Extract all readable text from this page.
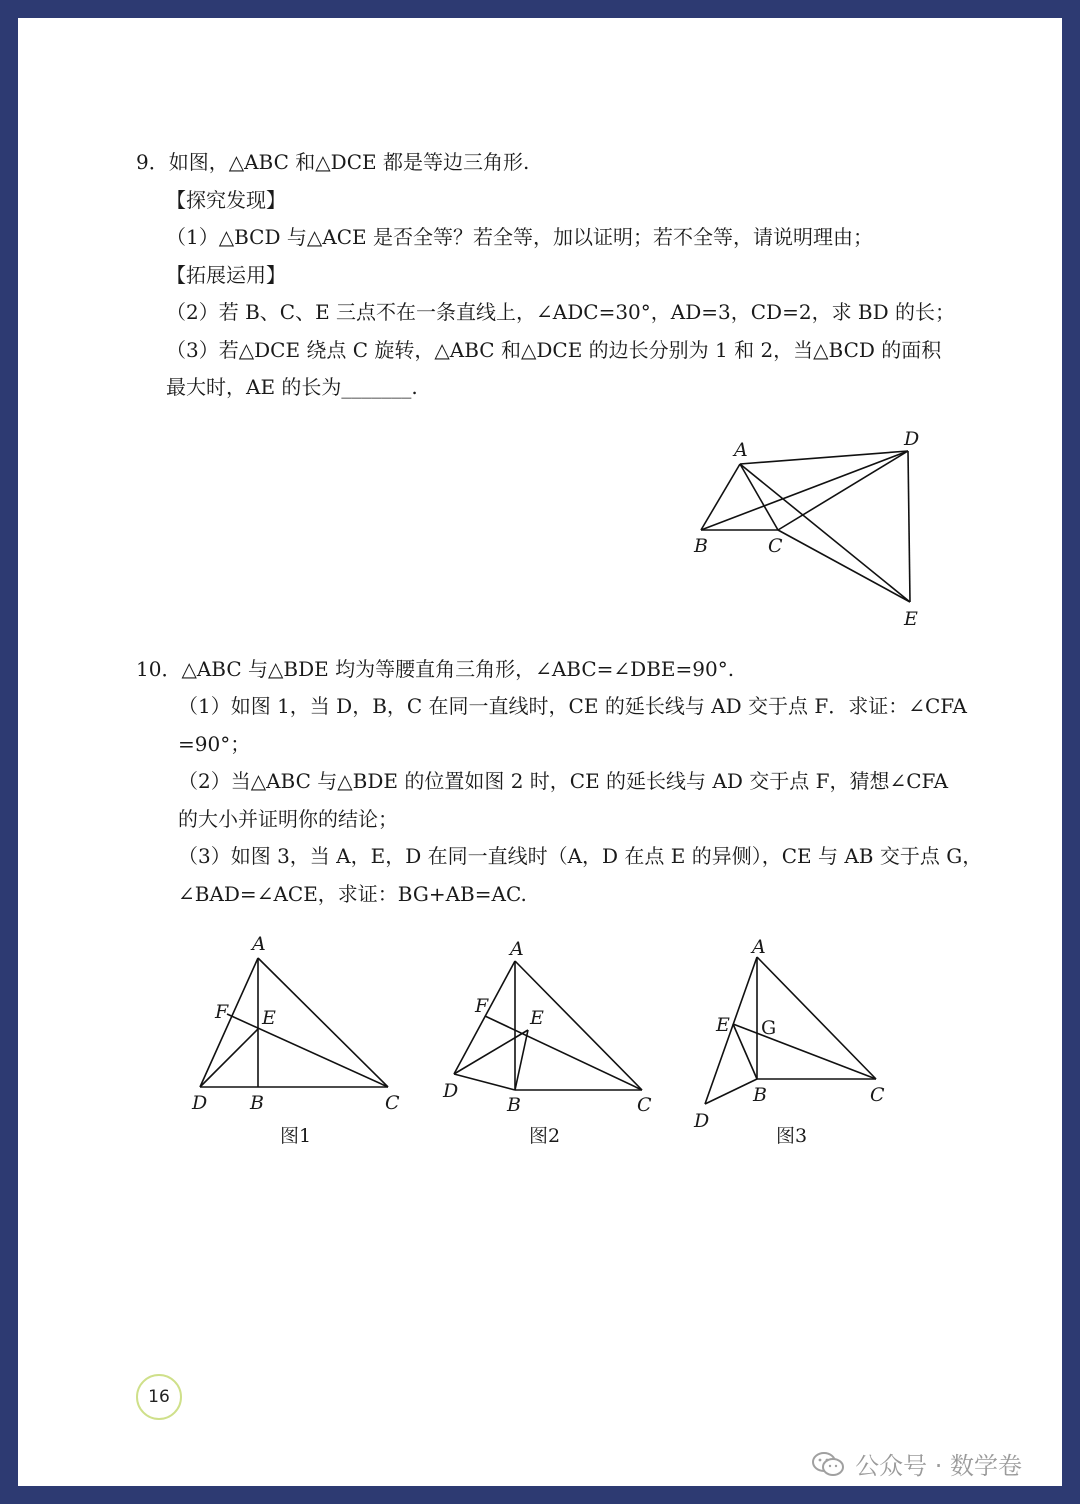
9．如图，△ABC 和△DCE 都是等边三角形.
【探究发现】
（1）△BCD 与△ACE 是否全等？若全等，加以证明；若不全等，请说明理由；
【拓展运用】
（2）若 B、C、E 三点不在一条直线上，∠ADC=30°，AD=3，CD=2，求 BD 的长；
（3）若△DCE 绕点 C 旋转，△ABC 和△DCE 的边长分别为 1 和 2，当△BCD 的面积
最大时，AE 的长为_______.
A	D
B	C
E
10．△ABC 与△BDE 均为等腰直角三角形，∠ABC=∠DBE=90°.
（1）如图 1，当 D，B，C 在同一直线时，CE 的延长线与 AD 交于点 F．求证：∠CFA
=90°；
（2）当△ABC 与△BDE 的位置如图 2 时，CE 的延长线与 AD 交于点 F，猜想∠CFA
的大小并证明你的结论；
（3）如图 3，当 A，E，D 在同一直线时（A，D 在点 E 的异侧），CE 与 AB 交于点 G，
∠BAD=∠ACE，求证：BG+AB=AC.
A
F E
D B	C
图1
A
F
E
D
B	C
图2
A
E G
D
B	C
图3
16
公众号 · 数学卷
